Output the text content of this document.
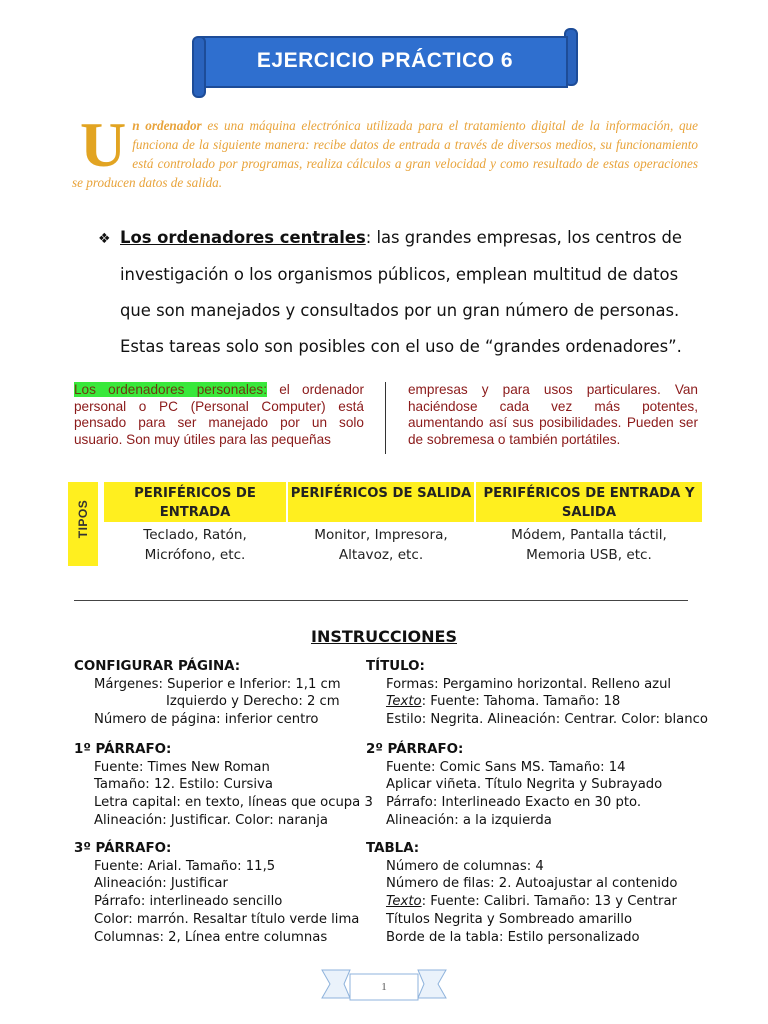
EJERCICIO PRÁCTICO 6
Un ordenador es una máquina electrónica utilizada para el tratamiento digital de la información, que funciona de la siguiente manera: recibe datos de entrada a través de diversos medios, su funcionamiento está controlado por programas, realiza cálculos a gran velocidad y como resultado de estas operaciones se producen datos de salida.
❖ Los ordenadores centrales: las grandes empresas, los centros de
investigación o los organismos públicos, emplean multitud de datos
que son manejados y consultados por un gran número de personas.
Estas tareas solo son posibles con el uso de “grandes ordenadores”.
Los ordenadores personales: el ordenador personal o PC (Personal Computer) está pensado para ser manejado por un solo usuario. Son muy útiles para las pequeñas
empresas y para usos particulares. Van haciéndose cada vez más potentes, aumentando así sus posibilidades. Pueden ser de sobremesa o también portátiles.
TIPOS
PERIFÉRICOS DE ENTRADA
PERIFÉRICOS DE SALIDA PERIFÉRICOS DE ENTRADA Y SALIDA
Teclado, Ratón,
Micrófono, etc.
Monitor, Impresora,
Altavoz, etc.
Módem, Pantalla táctil,
Memoria USB, etc.
INSTRUCCIONES
CONFIGURAR PÁGINA:
Márgenes: Superior e Inferior: 1,1 cm
Izquierdo y Derecho: 2 cm
Número de página: inferior centro
TÍTULO:
Formas: Pergamino horizontal. Relleno azul
Texto: Fuente: Tahoma. Tamaño: 18
Estilo: Negrita. Alineación: Centrar. Color: blanco
1º PÁRRAFO:
Fuente: Times New Roman
Tamaño: 12. Estilo: Cursiva
Letra capital: en texto, líneas que ocupa 3
Alineación: Justificar. Color: naranja
2º PÁRRAFO:
Fuente: Comic Sans MS. Tamaño: 14
Aplicar viñeta. Título Negrita y Subrayado
Párrafo: Interlineado Exacto en 30 pto.
Alineación: a la izquierda
3º PÁRRAFO:
Fuente: Arial. Tamaño: 11,5
Alineación: Justificar
Párrafo: interlineado sencillo
Color: marrón. Resaltar título verde lima
Columnas: 2, Línea entre columnas
TABLA:
Número de columnas: 4
Número de filas: 2. Autoajustar al contenido
Texto: Fuente: Calibri. Tamaño: 13 y Centrar
Títulos Negrita y Sombreado amarillo
Borde de la tabla: Estilo personalizado
1
